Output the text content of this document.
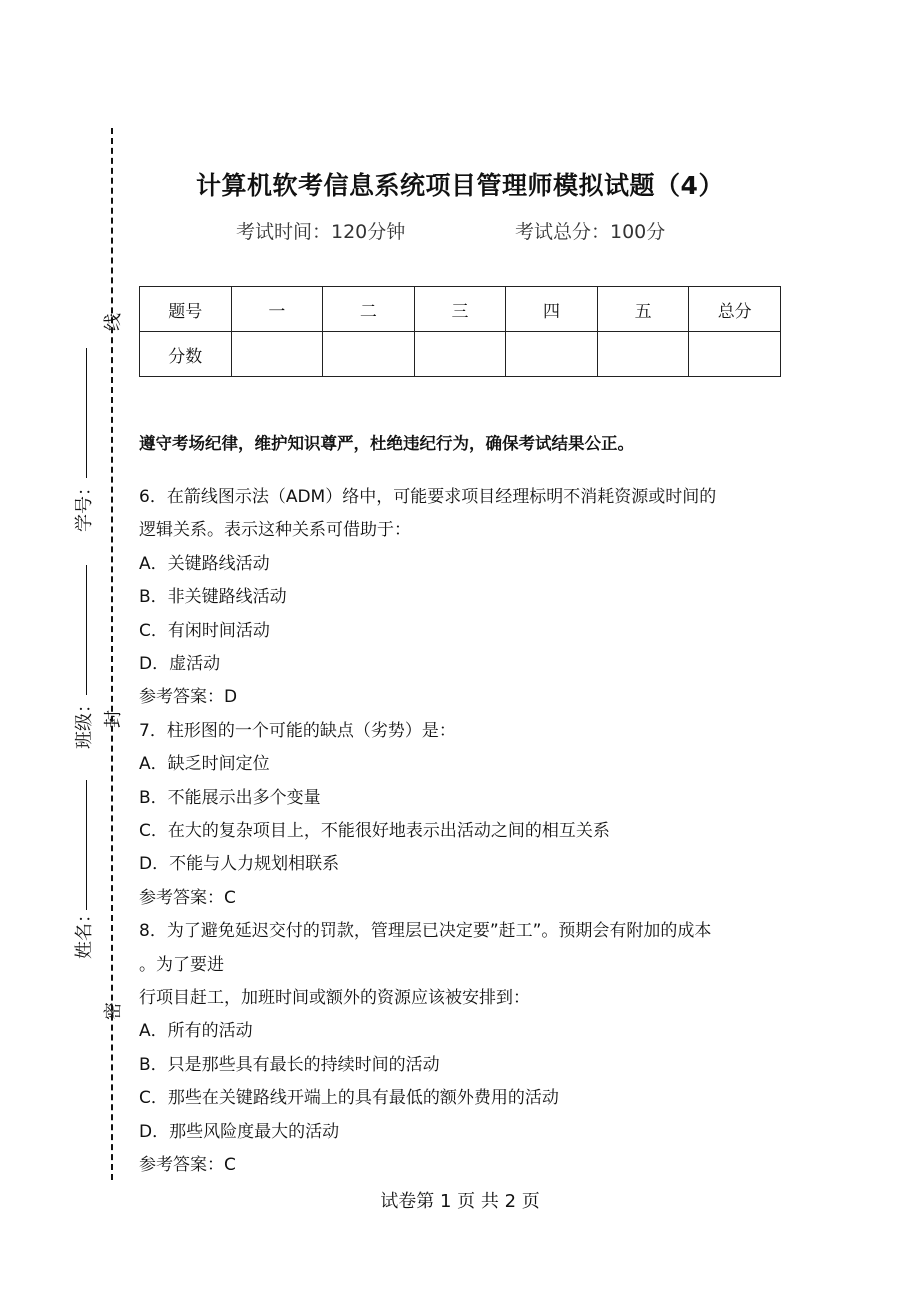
线
封
密
学号：
班级：
姓名：
计算机软考信息系统项目管理师模拟试题（4）
考试时间：120分钟	考试总分：100分
题号	一	二	三	四	五	总分
分数						
遵守考场纪律，维护知识尊严，杜绝违纪行为，确保考试结果公正。
6．在箭线图示法（ADM）络中，可能要求项目经理标明不消耗资源或时间的
逻辑关系。表示这种关系可借助于：
A．关键路线活动
B．非关键路线活动
C．有闲时间活动
D．虚活动
参考答案：D
7．柱形图的一个可能的缺点（劣势）是：
A．缺乏时间定位
B．不能展示出多个变量
C．在大的复杂项目上，不能很好地表示出活动之间的相互关系
D．不能与人力规划相联系
参考答案：C
8．为了避免延迟交付的罚款，管理层已决定要”赶工”。预期会有附加的成本
。为了要进
行项目赶工，加班时间或额外的资源应该被安排到：
A．所有的活动
B．只是那些具有最长的持续时间的活动
C．那些在关键路线开端上的具有最低的额外费用的活动
D．那些风险度最大的活动
参考答案：C
试卷第 1 页 共 2 页
